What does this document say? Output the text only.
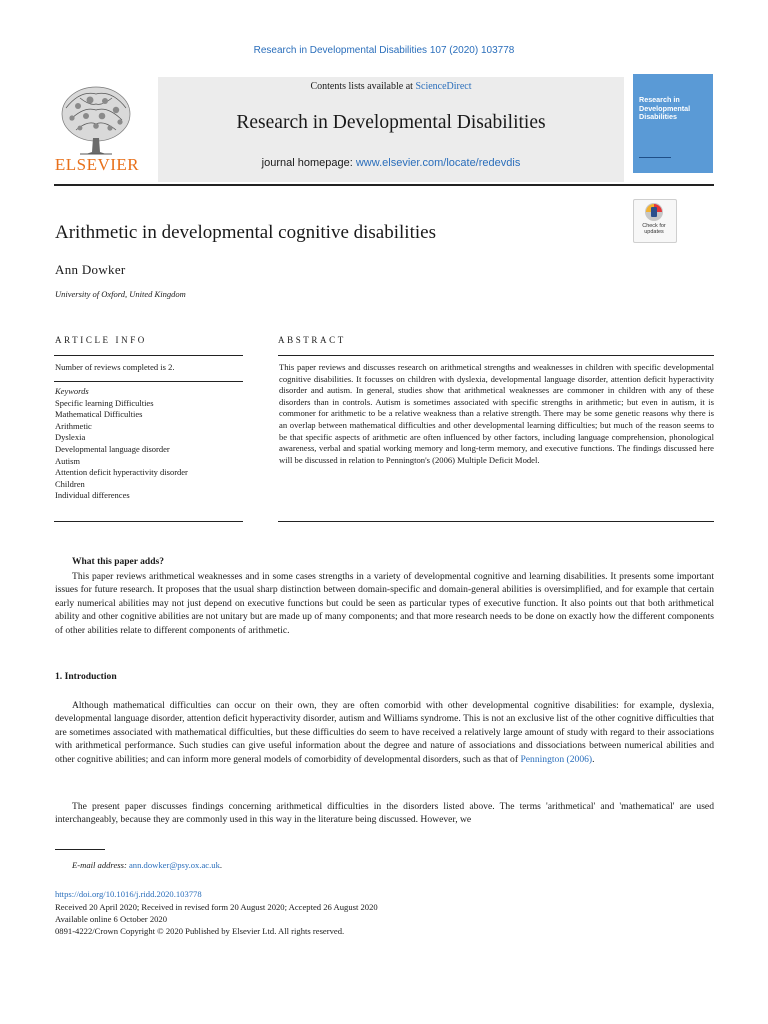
Research in Developmental Disabilities 107 (2020) 103778
Contents lists available at ScienceDirect
Research in Developmental Disabilities
journal homepage: www.elsevier.com/locate/redevdis
ELSEVIER
Research in Developmental Disabilities
Check for updates
Arithmetic in developmental cognitive disabilities
Ann Dowker
University of Oxford, United Kingdom
ARTICLE INFO	ABSTRACT
Number of reviews completed is 2.
Keywords
Specific learning Difficulties
Mathematical Difficulties
Arithmetic
Dyslexia
Developmental language disorder
Autism
Attention deficit hyperactivity disorder
Children
Individual differences
This paper reviews and discusses research on arithmetical strengths and weaknesses in children with specific developmental cognitive disabilities. It focusses on children with dyslexia, developmental language disorder, attention deficit hyperactivity disorder and autism. In general, studies show that arithmetical weaknesses are commoner in children with any of these disorders than in controls. Autism is sometimes associated with specific strengths in arithmetic; but even in autism, it is commoner for arithmetic to be a relative weakness than a relative strength. There may be some genetic reasons why there is an overlap between mathematical difficulties and other developmental learning difficulties; but much of the reason seems to be that specific aspects of arithmetic are often influenced by other factors, including language comprehension, phonological awareness, verbal and spatial working memory and long-term memory, and executive functions. The findings discussed here will be discussed in relation to Pennington's (2006) Multiple Deficit Model.
What this paper adds?
This paper reviews arithmetical weaknesses and in some cases strengths in a variety of developmental cognitive and learning disabilities. It presents some important issues for future research. It proposes that the usual sharp distinction between domain-specific and domain-general abilities is oversimplified, and for example that certain early numerical abilities may not just depend on executive functions but could be seen as particular types of executive function. It also points out that both arithmetical ability and other cognitive abilities are not unitary but are made up of many components; and that more research needs to be done on exactly how the different components of other abilities relate to different components of arithmetic.
1. Introduction
Although mathematical difficulties can occur on their own, they are often comorbid with other developmental cognitive disabilities: for example, dyslexia, developmental language disorder, attention deficit hyperactivity disorder, autism and Williams syndrome. This is not an exclusive list of the other cognitive difficulties that are sometimes associated with mathematical difficulties, but these difficulties do seem to have received a relatively large amount of study with regard to their associations with arithmetical performance. Such studies can give useful information about the degree and nature of associations and dissociations between numerical abilities and other cognitive abilities; and can inform more general models of comorbidity of developmental disorders, such as that of Pennington (2006).
The present paper discusses findings concerning arithmetical difficulties in the disorders listed above. The terms 'arithmetical' and 'mathematical' are used interchangeably, because they are commonly used in this way in the literature being discussed. However, we
E-mail address: ann.dowker@psy.ox.ac.uk.
https://doi.org/10.1016/j.ridd.2020.103778
Received 20 April 2020; Received in revised form 20 August 2020; Accepted 26 August 2020
Available online 6 October 2020
0891-4222/Crown Copyright © 2020 Published by Elsevier Ltd. All rights reserved.
